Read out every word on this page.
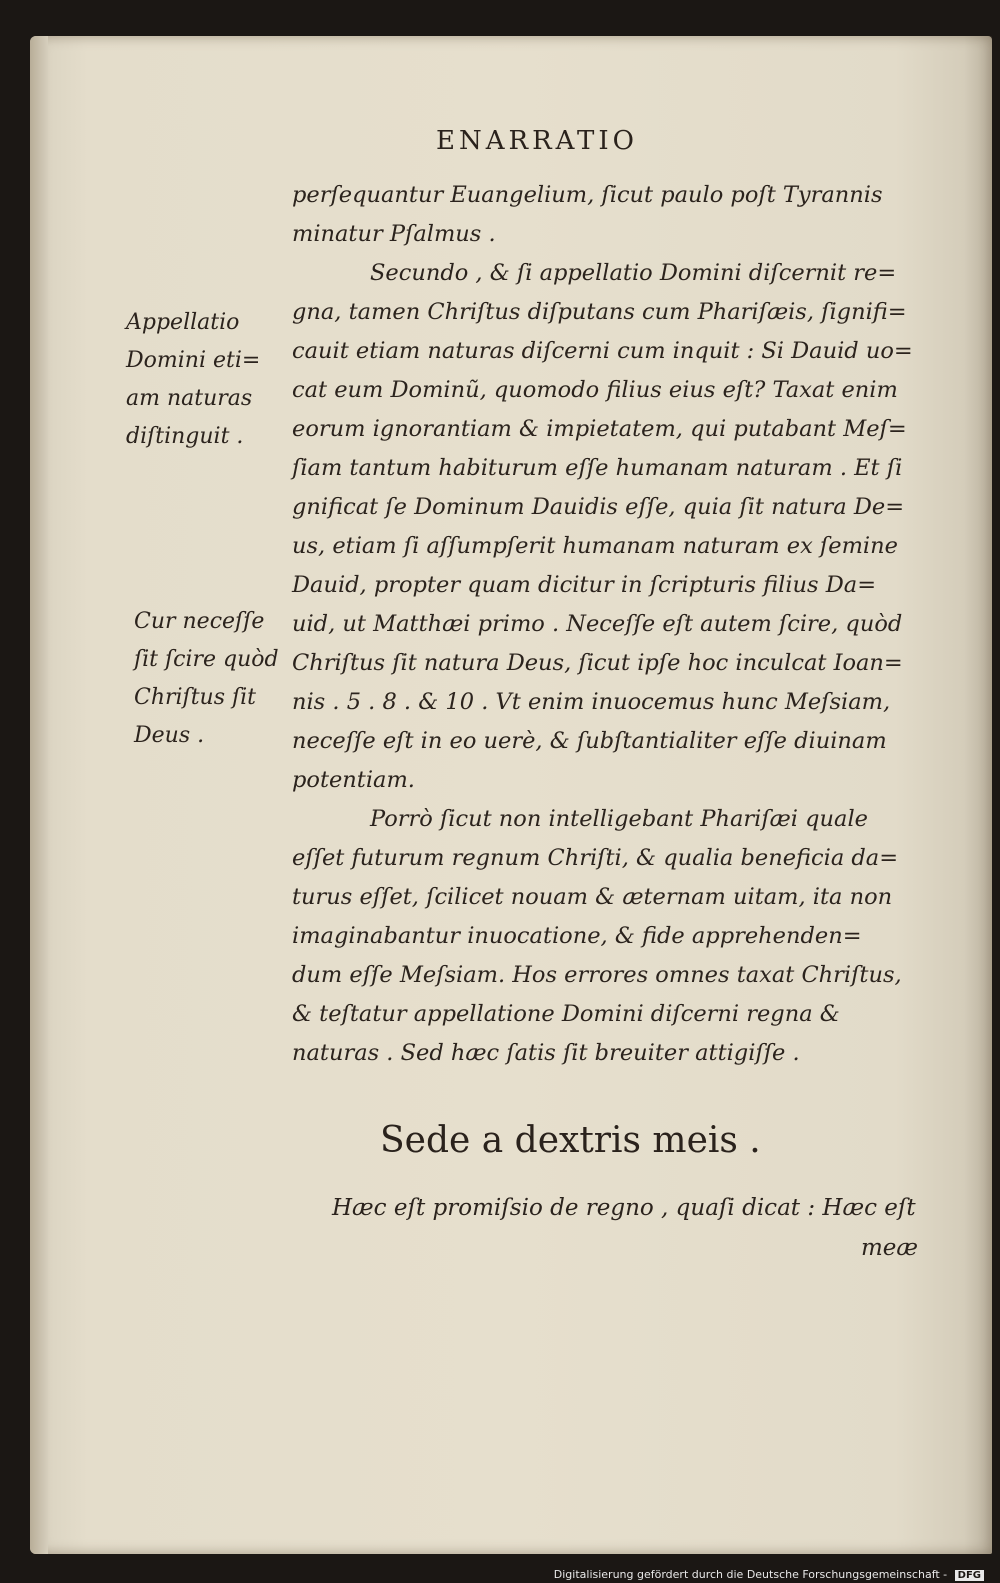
ENARRATIO
perſequantur Euangelium, ſicut paulo poſt Tyrannis
minatur Pſalmus .
Secundo , & ſi appellatio Domini diſcernit re=
gna, tamen Chriſtus diſputans cum Phariſæis, ſignifi=
cauit etiam naturas diſcerni cum inquit : Si Dauid uo=
cat eum Dominũ, quomodo filius eius eſt? Taxat enim
eorum ignorantiam & impietatem, qui putabant Meſ=
ſiam tantum habiturum eſſe humanam naturam . Et ſi
gnificat ſe Dominum Dauidis eſſe, quia ſit natura De=
us, etiam ſi aſſumpſerit humanam naturam ex ſemine
Dauid, propter quam dicitur in ſcripturis filius Da=
uid, ut Matthæi primo . Neceſſe eſt autem ſcire, quòd
Chriſtus ſit natura Deus, ſicut ipſe hoc inculcat Ioan=
nis . 5 . 8 . & 10 . Vt enim inuocemus hunc Meſsiam,
neceſſe eſt in eo uerè, & ſubſtantialiter eſſe diuinam
potentiam.
Porrò ſicut non intelligebant Phariſæi quale
eſſet futurum regnum Chriſti, & qualia beneficia da=
turus eſſet, ſcilicet nouam & æternam uitam, ita non
imaginabantur inuocatione, & fide apprehenden=
dum eſſe Meſsiam. Hos errores omnes taxat Chriſtus,
& teſtatur appellatione Domini diſcerni regna &
naturas . Sed hæc ſatis ſit breuiter attigiſſe .
Appellatio
Domini eti=
am naturas
diſtinguit .
Cur neceſſe
ſit ſcire quòd
Chriſtus ſit
Deus .
Sede a dextris meis .
Hæc eſt promiſsio de regno , quaſi dicat : Hæc eſt
meæ
Digitalisierung gefördert durch die Deutsche Forschungsgemeinschaft - DFG
